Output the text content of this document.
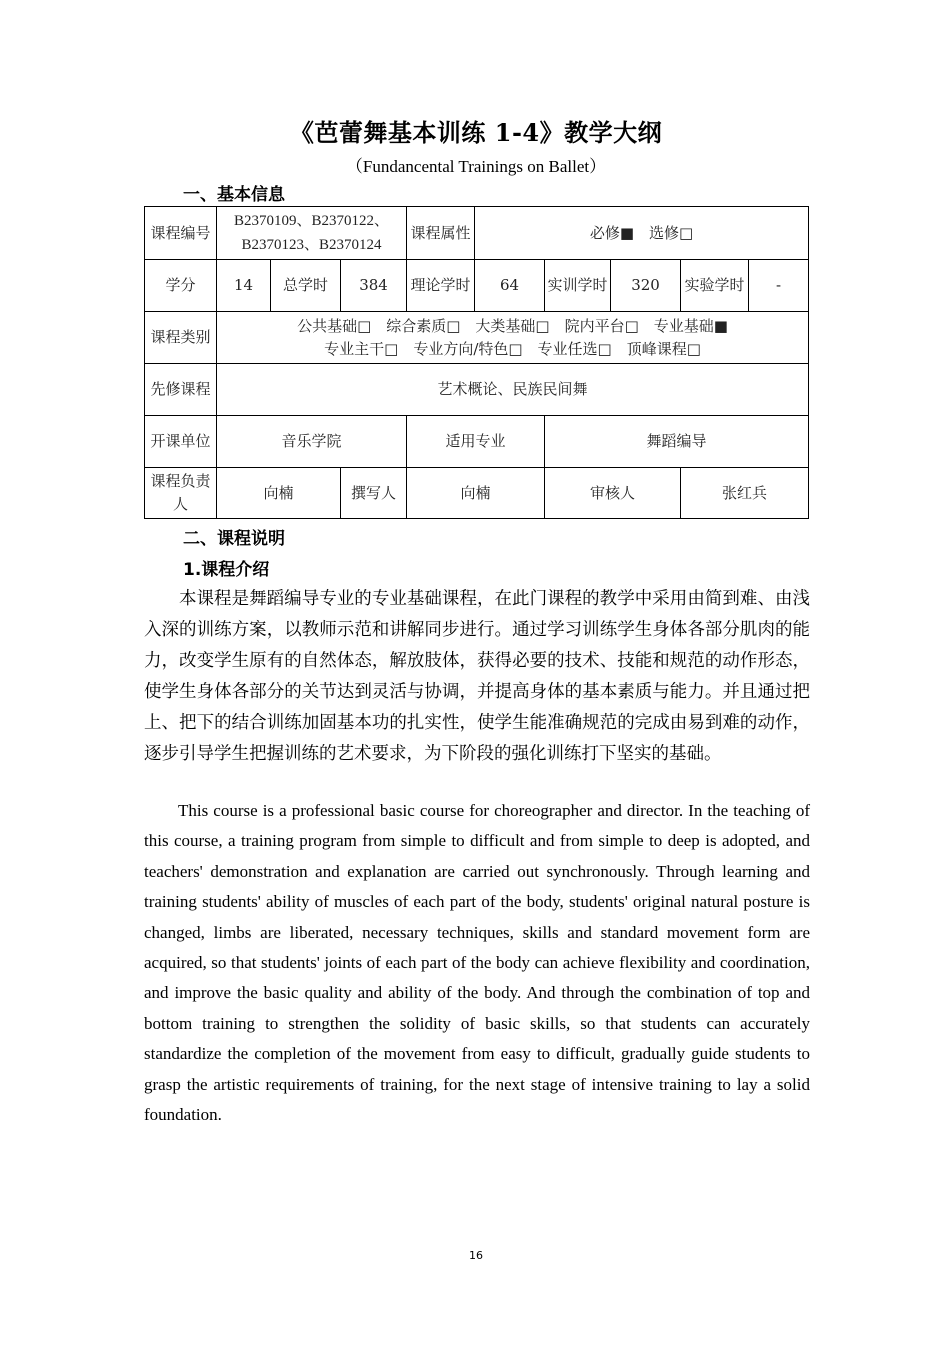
《芭蕾舞基本训练 1-4》教学大纲
（Fundancental Trainings on Ballet）
一、基本信息
课程编号	B2370109、B2370122、
B2370123、B2370124			课程属性	必修■　选修□				
学分	14	总学时	384	理论学时	64	实训学时	320	实验学时	-
课程类别	公共基础□　综合素质□　大类基础□　院内平台□　专业基础■
专业主干□　专业方向/特色□　专业任选□　顶峰课程□								
先修课程	艺术概论、民族民间舞								
开课单位	音乐学院			适用专业		舞蹈编导			
课程负责人	向楠		撰写人	向楠		审核人		张红兵	
二、课程说明
1.课程介绍
本课程是舞蹈编导专业的专业基础课程，在此门课程的教学中采用由简到难、由浅入深的训练方案，以教师示范和讲解同步进行。通过学习训练学生身体各部分肌肉的能力，改变学生原有的自然体态，解放肢体，获得必要的技术、技能和规范的动作形态，使学生身体各部分的关节达到灵活与协调，并提高身体的基本素质与能力。并且通过把上、把下的结合训练加固基本功的扎实性，使学生能准确规范的完成由易到难的动作，逐步引导学生把握训练的艺术要求，为下阶段的强化训练打下坚实的基础。
This course is a professional basic course for choreographer and director. In the teaching of this course, a training program from simple to difficult and from simple to deep is adopted, and teachers' demonstration and explanation are carried out synchronously. Through learning and training students' ability of muscles of each part of the body, students' original natural posture is changed, limbs are liberated, necessary techniques, skills and standard movement form are acquired, so that students' joints of each part of the body can achieve flexibility and coordination, and improve the basic quality and ability of the body. And through the combination of top and bottom training to strengthen the solidity of basic skills, so that students can accurately standardize the completion of the movement from easy to difficult, gradually guide students to grasp the artistic requirements of training, for the next stage of intensive training to lay a solid foundation.
16
